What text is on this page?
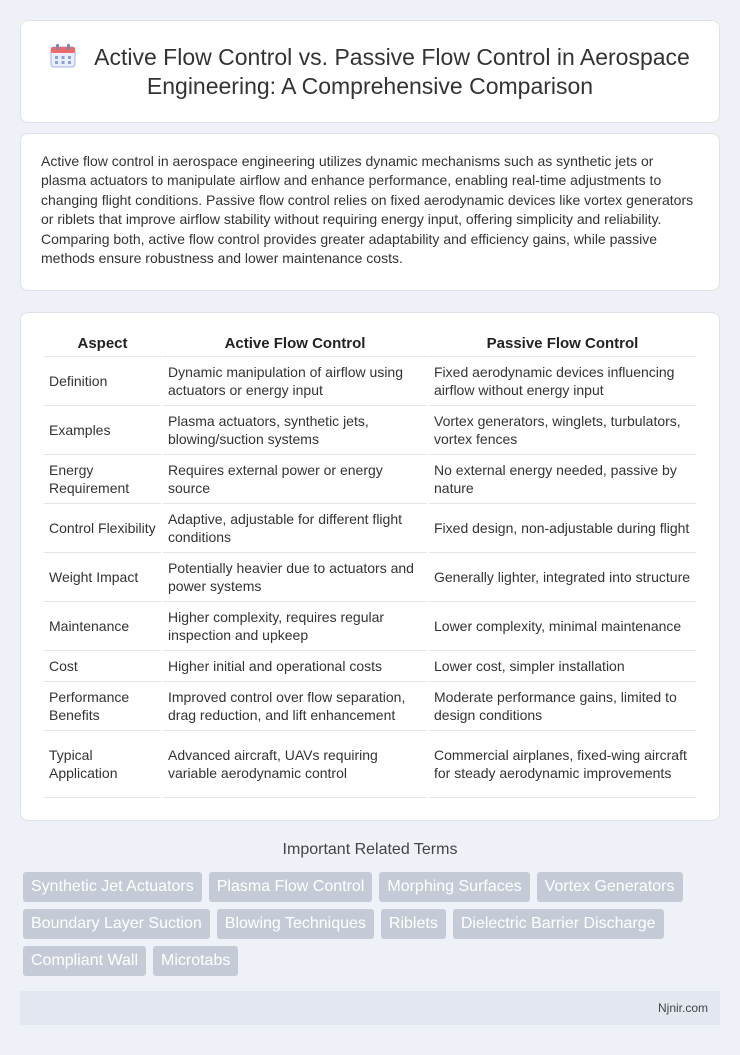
Active Flow Control vs. Passive Flow Control in Aerospace Engineering: A Comprehensive Comparison

Active flow control in aerospace engineering utilizes dynamic mechanisms such as synthetic jets or plasma actuators to manipulate airflow and enhance performance, enabling real-time adjustments to changing flight conditions. Passive flow control relies on fixed aerodynamic devices like vortex generators or riblets that improve airflow stability without requiring energy input, offering simplicity and reliability. Comparing both, active flow control provides greater adaptability and efficiency gains, while passive methods ensure robustness and lower maintenance costs.

Aspect	Active Flow Control	Passive Flow Control
Definition	Dynamic manipulation of airflow using actuators or energy input	Fixed aerodynamic devices influencing airflow without energy input
Examples	Plasma actuators, synthetic jets, blowing/suction systems	Vortex generators, winglets, turbulators, vortex fences
Energy Requirement	Requires external power or energy source	No external energy needed, passive by nature
Control Flexibility	Adaptive, adjustable for different flight conditions	Fixed design, non-adjustable during flight
Weight Impact	Potentially heavier due to actuators and power systems	Generally lighter, integrated into structure
Maintenance	Higher complexity, requires regular inspection and upkeep	Lower complexity, minimal maintenance
Cost	Higher initial and operational costs	Lower cost, simpler installation
Performance Benefits	Improved control over flow separation, drag reduction, and lift enhancement	Moderate performance gains, limited to design conditions
Typical Application	Advanced aircraft, UAVs requiring variable aerodynamic control	Commercial airplanes, fixed-wing aircraft for steady aerodynamic improvements
Important Related Terms
Synthetic Jet Actuators	Plasma Flow Control	Morphing Surfaces	Vortex Generators
Boundary Layer Suction	Blowing Techniques	Riblets	Dielectric Barrier Discharge
Compliant Wall	Microtabs
Njnir.com
